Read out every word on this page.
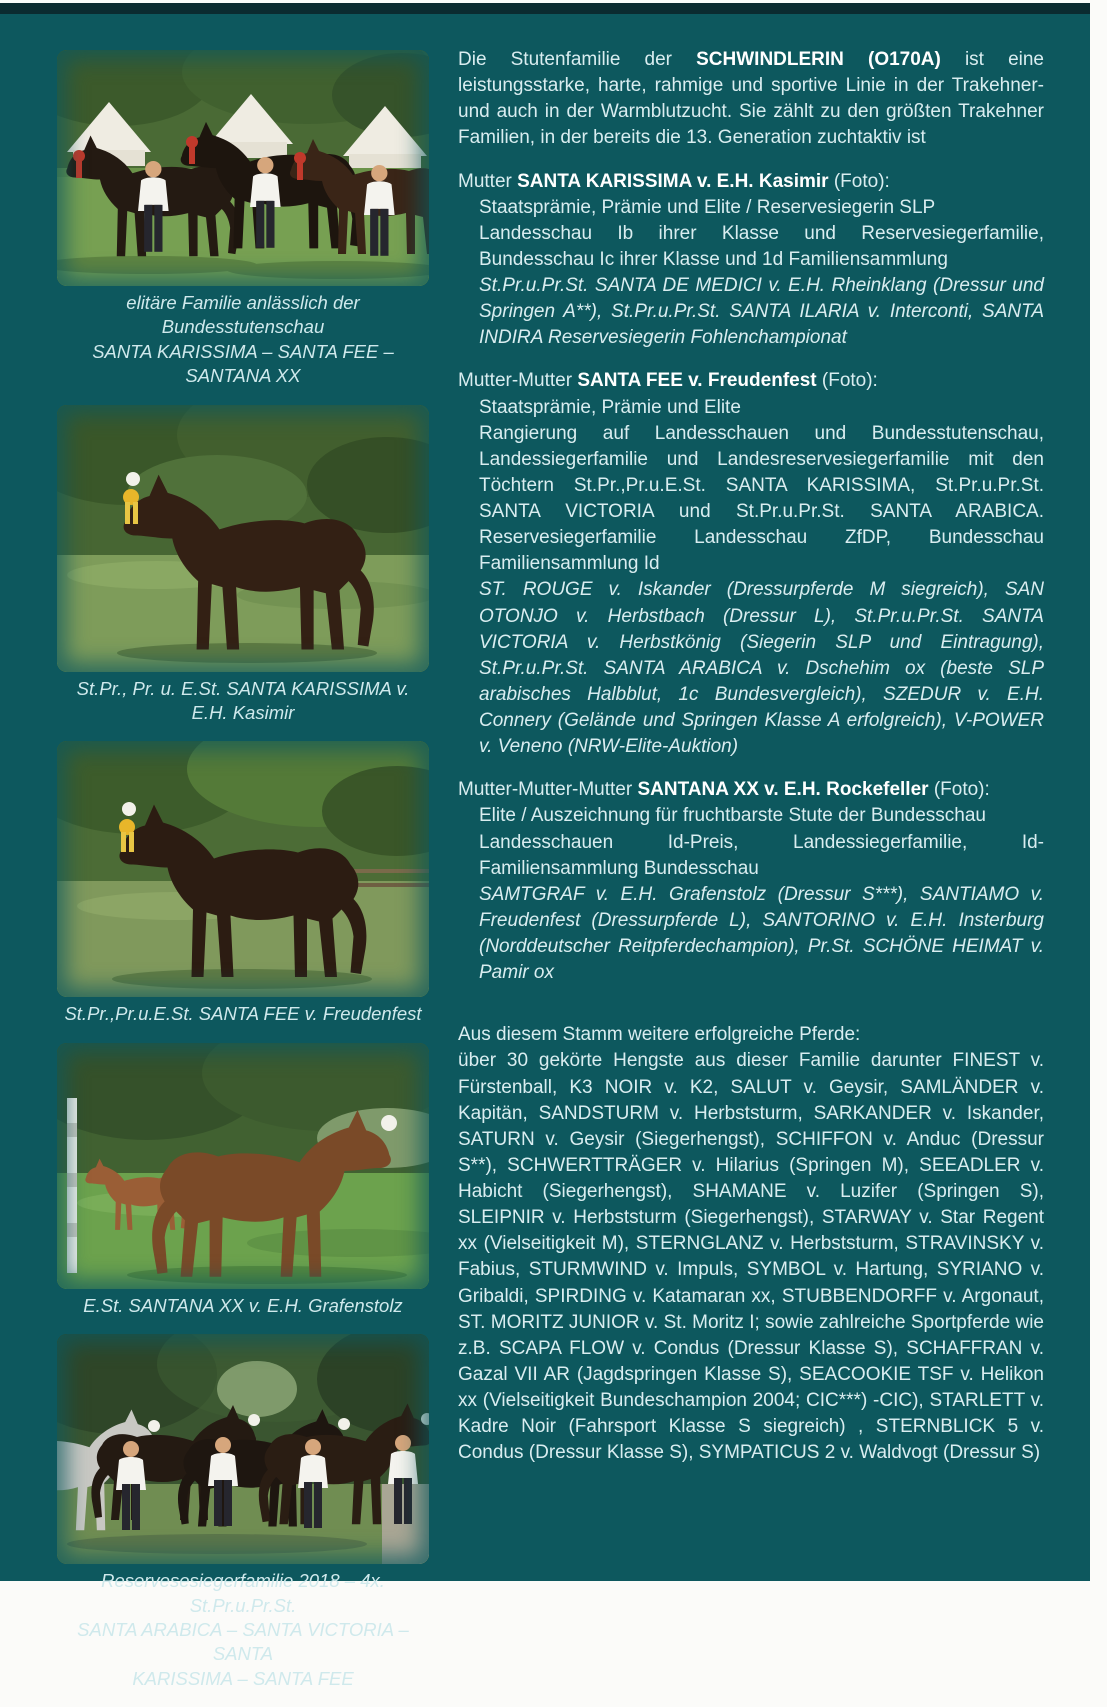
elitäre Familie anlässlich der Bundesstutenschau
SANTA KARISSIMA – SANTA FEE – SANTANA XX
St.Pr., Pr. u. E.St. SANTA KARISSIMA v. E.H. Kasimir
St.Pr.,Pr.u.E.St. SANTA FEE v. Freudenfest
E.St. SANTANA XX v. E.H. Grafenstolz
Reservesesiegerfamilie 2018 – 4x. St.Pr.u.Pr.St.
SANTA ARABICA – SANTA VICTORIA – SANTA
KARISSIMA – SANTA FEE

Die Stutenfamilie der SCHWINDLERIN (O170A) ist eine leistungsstarke, harte, rahmige und sportive Linie in der Trakehner- und auch in der Warmblutzucht. Sie zählt zu den größten Trakehner Familien, in der bereits die 13. Generation zuchtaktiv ist

Mutter SANTA KARISSIMA v. E.H. Kasimir (Foto):

Staatsprämie, Prämie und Elite / Reservesiegerin SLP

Landesschau Ib ihrer Klasse und Reservesiegerfamilie, Bundesschau Ic ihrer Klasse und 1d Familiensammlung

St.Pr.u.Pr.St. SANTA DE MEDICI v. E.H. Rheinklang (Dressur und Springen A**), St.Pr.u.Pr.St. SANTA ILARIA v. Interconti, SANTA INDIRA Reservesiegerin Fohlenchampionat

Mutter-Mutter SANTA FEE v. Freudenfest (Foto):

Staatsprämie, Prämie und Elite

Rangierung auf Landesschauen und Bundesstutenschau, Landessiegerfamilie und Landesreservesiegerfamilie mit den Töchtern St.Pr.,Pr.u.E.St. SANTA KARISSIMA, St.Pr.u.Pr.St. SANTA VICTORIA und St.Pr.u.Pr.St. SANTA ARABICA. Reservesiegerfamilie Landesschau ZfDP, Bundesschau Familiensammlung Id

ST. ROUGE v. Iskander (Dressurpferde M siegreich), SAN OTONJO v. Herbstbach (Dressur L), St.Pr.u.Pr.St. SANTA VICTORIA v. Herbstkönig (Siegerin SLP und Eintragung), St.Pr.u.Pr.St. SANTA ARABICA v. Dschehim ox (beste SLP arabisches Halbblut, 1c Bundesvergleich), SZEDUR v. E.H. Connery (Gelände und Springen Klasse A erfolgreich), V-POWER v. Veneno (NRW-Elite-Auktion)

Mutter-Mutter-Mutter SANTANA XX v. E.H. Rockefeller (Foto):

Elite / Auszeichnung für fruchtbarste Stute der Bundesschau

Landesschauen Id-Preis, Landessiegerfamilie, Id-Familiensammlung Bundesschau

SAMTGRAF v. E.H. Grafenstolz (Dressur S***), SANTIAMO v. Freudenfest (Dressurpferde L), SANTORINO v. E.H. Insterburg (Norddeutscher Reitpferdechampion), Pr.St. SCHÖNE HEIMAT v. Pamir ox

Aus diesem Stamm weitere erfolgreiche Pferde:

über 30 gekörte Hengste aus dieser Familie darunter FINEST v. Fürstenball, K3 NOIR v. K2, SALUT v. Geysir, SAMLÄNDER v. Kapitän, SANDSTURM v. Herbststurm, SARKANDER v. Iskander, SATURN v. Geysir (Siegerhengst), SCHIFFON v. Anduc (Dressur S**), SCHWERTTRÄGER v. Hilarius (Springen M), SEEADLER v. Habicht (Siegerhengst), SHAMANE v. Luzifer (Springen S), SLEIPNIR v. Herbststurm (Siegerhengst), STARWAY v. Star Regent xx (Vielseitigkeit M), STERNGLANZ v. Herbststurm, STRAVINSKY v. Fabius, STURMWIND v. Impuls, SYMBOL v. Hartung, SYRIANO v. Gribaldi, SPIRDING v. Katamaran xx, STUBBENDORFF v. Argonaut, ST. MORITZ JUNIOR v. St. Moritz I; sowie zahlreiche Sportpferde wie z.B. SCAPA FLOW v. Condus (Dressur Klasse S), SCHAFFRAN v. Gazal VII AR (Jagdspringen Klasse S), SEACOOKIE TSF v. Helikon xx (Vielseitigkeit Bundeschampion 2004; CIC***) -CIC), STARLETT v. Kadre Noir (Fahrsport Klasse S siegreich) , STERNBLICK 5 v. Condus (Dressur Klasse S), SYMPATICUS 2 v. Waldvogt (Dressur S)
